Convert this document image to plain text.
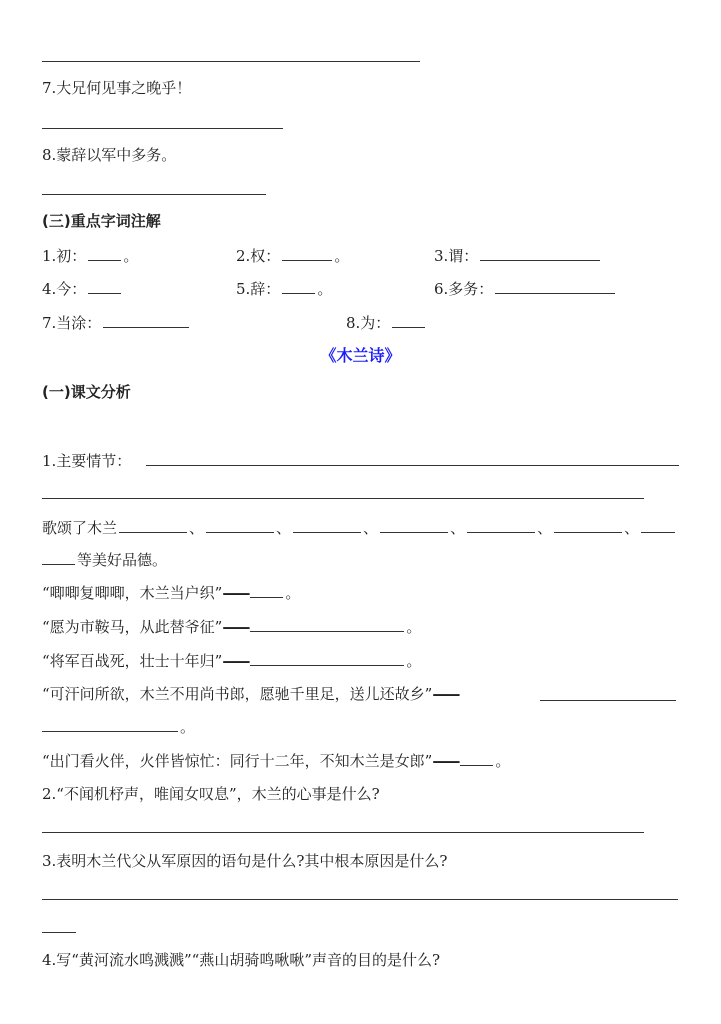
7.大兄何见事之晚乎！
8.蒙辞以军中多务。
(三)重点字词注解
1.初： 。	2.权：	。	3.谓：
4.今：	5.辞： 。	6.多务：
7.当涂：	8.为：
《木兰诗》
(一)课文分析
1.主要情节：
歌颂了木兰	、	、	、	、	、	、
等美好品德。
“唧唧复唧唧，木兰当户织”—— 。
“愿为市鞍马，从此替爷征”——	。
“将军百战死，壮士十年归”——	。
“可汗问所欲，木兰不用尚书郎，愿驰千里足，送儿还故乡”——
。
“出门看火伴，火伴皆惊忙：同行十二年，不知木兰是女郎”—— 。
2.“不闻机杼声，唯闻女叹息”，木兰的心事是什么?
3.表明木兰代父从军原因的语句是什么?其中根本原因是什么?
4.写“黄河流水鸣溅溅”“燕山胡骑鸣啾啾”声音的目的是什么?
